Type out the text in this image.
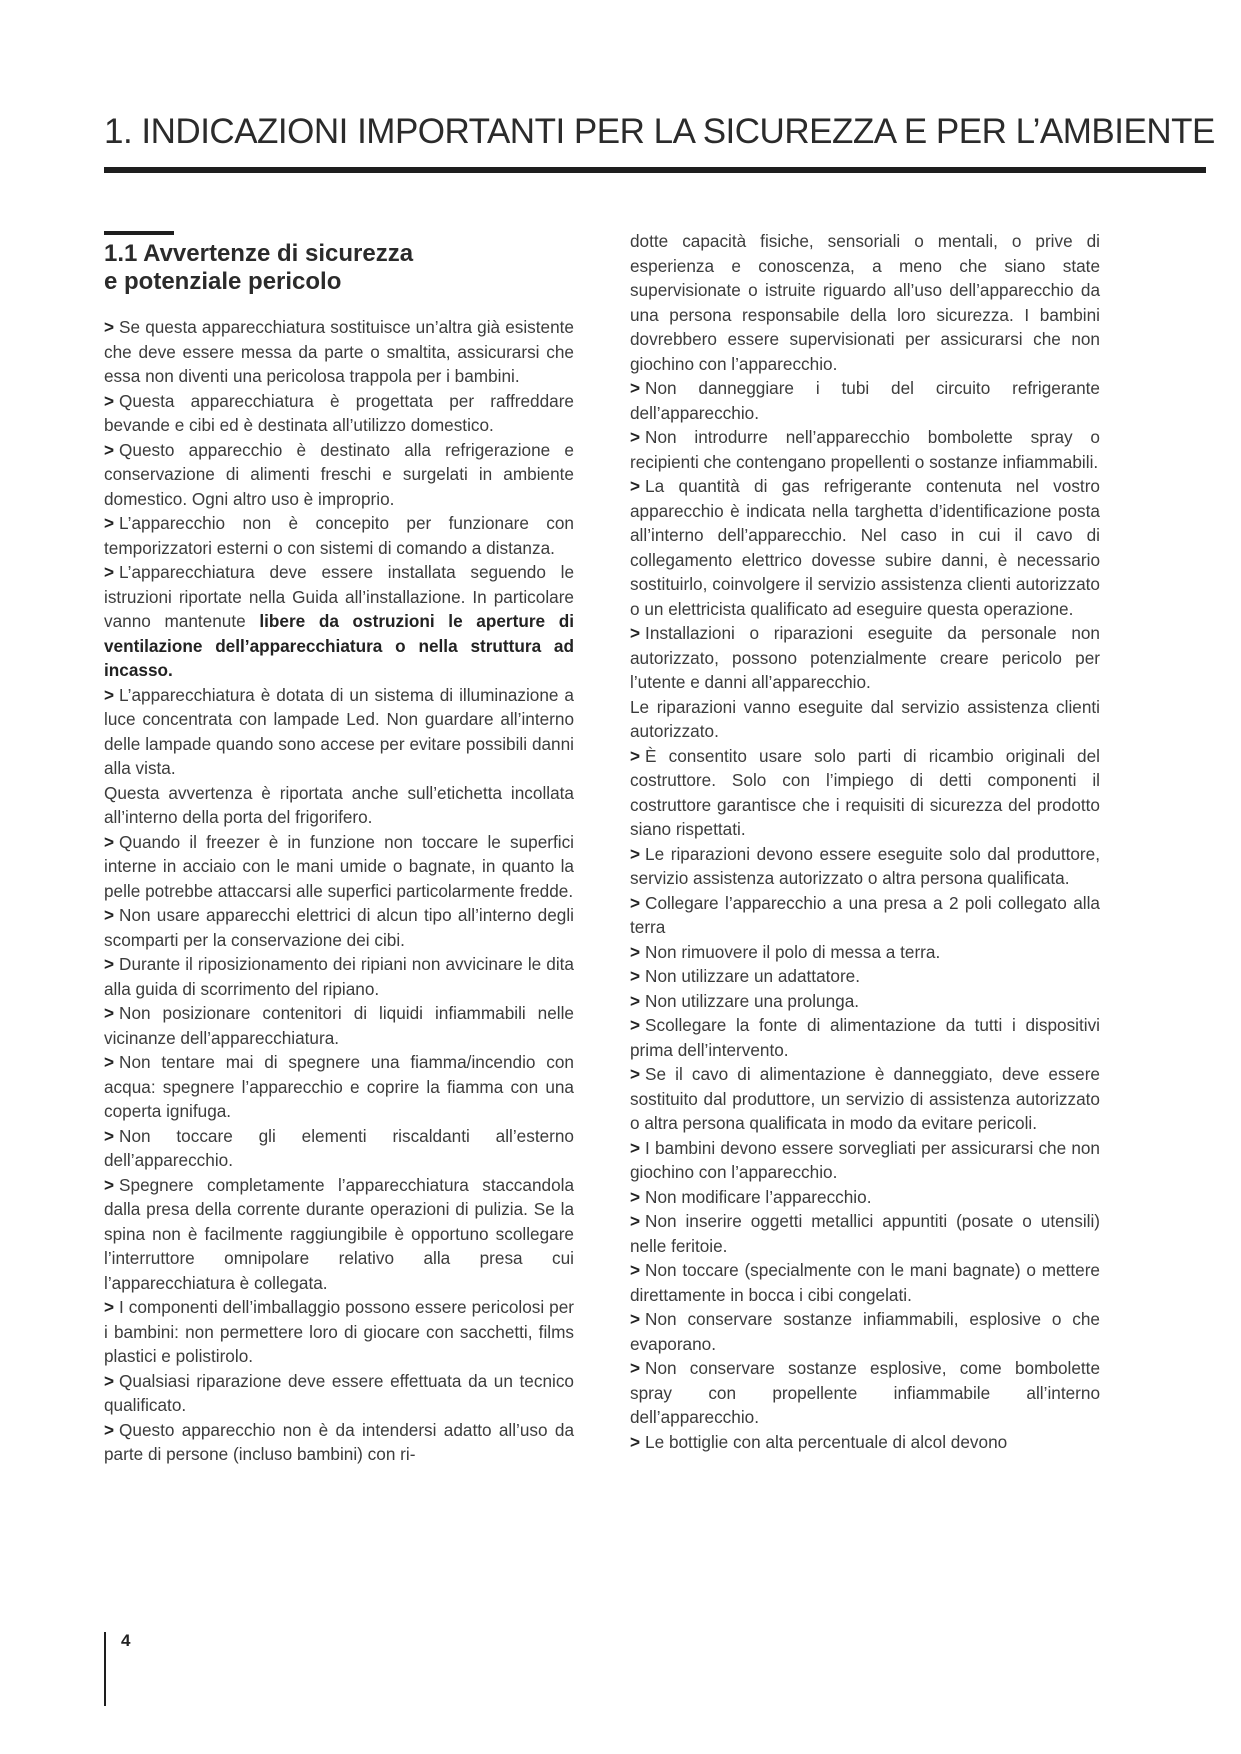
1. INDICAZIONI IMPORTANTI PER LA SICUREZZA E PER L’AMBIENTE
1.1 Avvertenze di sicurezza
e potenziale pericolo

> Se questa apparecchiatura sostituisce un’altra già esistente che deve essere messa da parte o smaltita, assicurarsi che essa non diventi una pericolosa trappola per i bambini.

> Questa apparecchiatura è progettata per raffreddare bevande e cibi ed è destinata all’utilizzo domestico.

> Questo apparecchio è destinato alla refrigerazione e conservazione di alimenti freschi e surgelati in ambiente domestico. Ogni altro uso è improprio.

> L’apparecchio non è concepito per funzionare con temporizzatori esterni o con sistemi di comando a distanza.

> L’apparecchiatura deve essere installata seguendo le istruzioni riportate nella Guida all’installazione. In particolare vanno mantenute libere da ostruzioni le aperture di ventilazione dell’apparecchiatura o nella struttura ad incasso.

> L’apparecchiatura è dotata di un sistema di illuminazione a luce concentrata con lampade Led. Non guardare all’interno delle lampade quando sono accese per evitare possibili danni alla vista.

Questa avvertenza è riportata anche sull’etichetta incollata all’interno della porta del frigorifero.

> Quando il freezer è in funzione non toccare le superfici interne in acciaio con le mani umide o bagnate, in quanto la pelle potrebbe attaccarsi alle superfici particolarmente fredde.

> Non usare apparecchi elettrici di alcun tipo all’interno degli scomparti per la conservazione dei cibi.

> Durante il riposizionamento dei ripiani non avvicinare le dita alla guida di scorrimento del ripiano.

> Non posizionare contenitori di liquidi infiammabili nelle vicinanze dell’apparecchiatura.

> Non tentare mai di spegnere una fiamma/incendio con acqua: spegnere l’apparecchio e coprire la fiamma con una coperta ignifuga.

> Non toccare gli elementi riscaldanti all’esterno dell’apparecchio.

> Spegnere completamente l’apparecchiatura staccandola dalla presa della corrente durante operazioni di pulizia. Se la spina non è facilmente raggiungibile è opportuno scollegare l’interruttore omnipolare relativo alla presa cui l’apparecchiatura è collegata.

> I componenti dell’imballaggio possono essere pericolosi per i bambini: non permettere loro di giocare con sacchetti, films plastici e polistirolo.

> Qualsiasi riparazione deve essere effettuata da un tecnico qualificato.

> Questo apparecchio non è da intendersi adatto all’uso da parte di persone (incluso bambini) con ri-

dotte capacità fisiche, sensoriali o mentali, o prive di esperienza e conoscenza, a meno che siano state supervisionate o istruite riguardo all’uso dell’apparecchio da una persona responsabile della loro sicurezza. I bambini dovrebbero essere supervisionati per assicurarsi che non giochino con l’apparecchio.

> Non danneggiare i tubi del circuito refrigerante dell’apparecchio.

> Non introdurre nell’apparecchio bombolette spray o recipienti che contengano propellenti o sostanze infiammabili.

> La quantità di gas refrigerante contenuta nel vostro apparecchio è indicata nella targhetta d’identificazione posta all’interno dell’apparecchio. Nel caso in cui il cavo di collegamento elettrico dovesse subire danni, è necessario sostituirlo, coinvolgere il servizio assistenza clienti autorizzato o un elettricista qualificato ad eseguire questa operazione.

> Installazioni o riparazioni eseguite da personale non autorizzato, possono potenzialmente creare pericolo per l’utente e danni all’apparecchio.

Le riparazioni vanno eseguite dal servizio assistenza clienti autorizzato.

> È consentito usare solo parti di ricambio originali del costruttore. Solo con l’impiego di detti componenti il costruttore garantisce che i requisiti di sicurezza del prodotto siano rispettati.

> Le riparazioni devono essere eseguite solo dal produttore, servizio assistenza autorizzato o altra persona qualificata.

> Collegare l’apparecchio a una presa a 2 poli collegato alla terra

> Non rimuovere il polo di messa a terra.

> Non utilizzare un adattatore.

> Non utilizzare una prolunga.

> Scollegare la fonte di alimentazione da tutti i dispositivi prima dell’intervento.

> Se il cavo di alimentazione è danneggiato, deve essere sostituito dal produttore, un servizio di assistenza autorizzato o altra persona qualificata in modo da evitare pericoli.

> I bambini devono essere sorvegliati per assicurarsi che non giochino con l’apparecchio.

> Non modificare l’apparecchio.

> Non inserire oggetti metallici appuntiti (posate o utensili) nelle feritoie.

> Non toccare (specialmente con le mani bagnate) o mettere direttamente in bocca i cibi congelati.

> Non conservare sostanze infiammabili, esplosive o che evaporano.

> Non conservare sostanze esplosive, come bombolette spray con propellente infiammabile all’interno dell’apparecchio.

> Le bottiglie con alta percentuale di alcol devono

4
